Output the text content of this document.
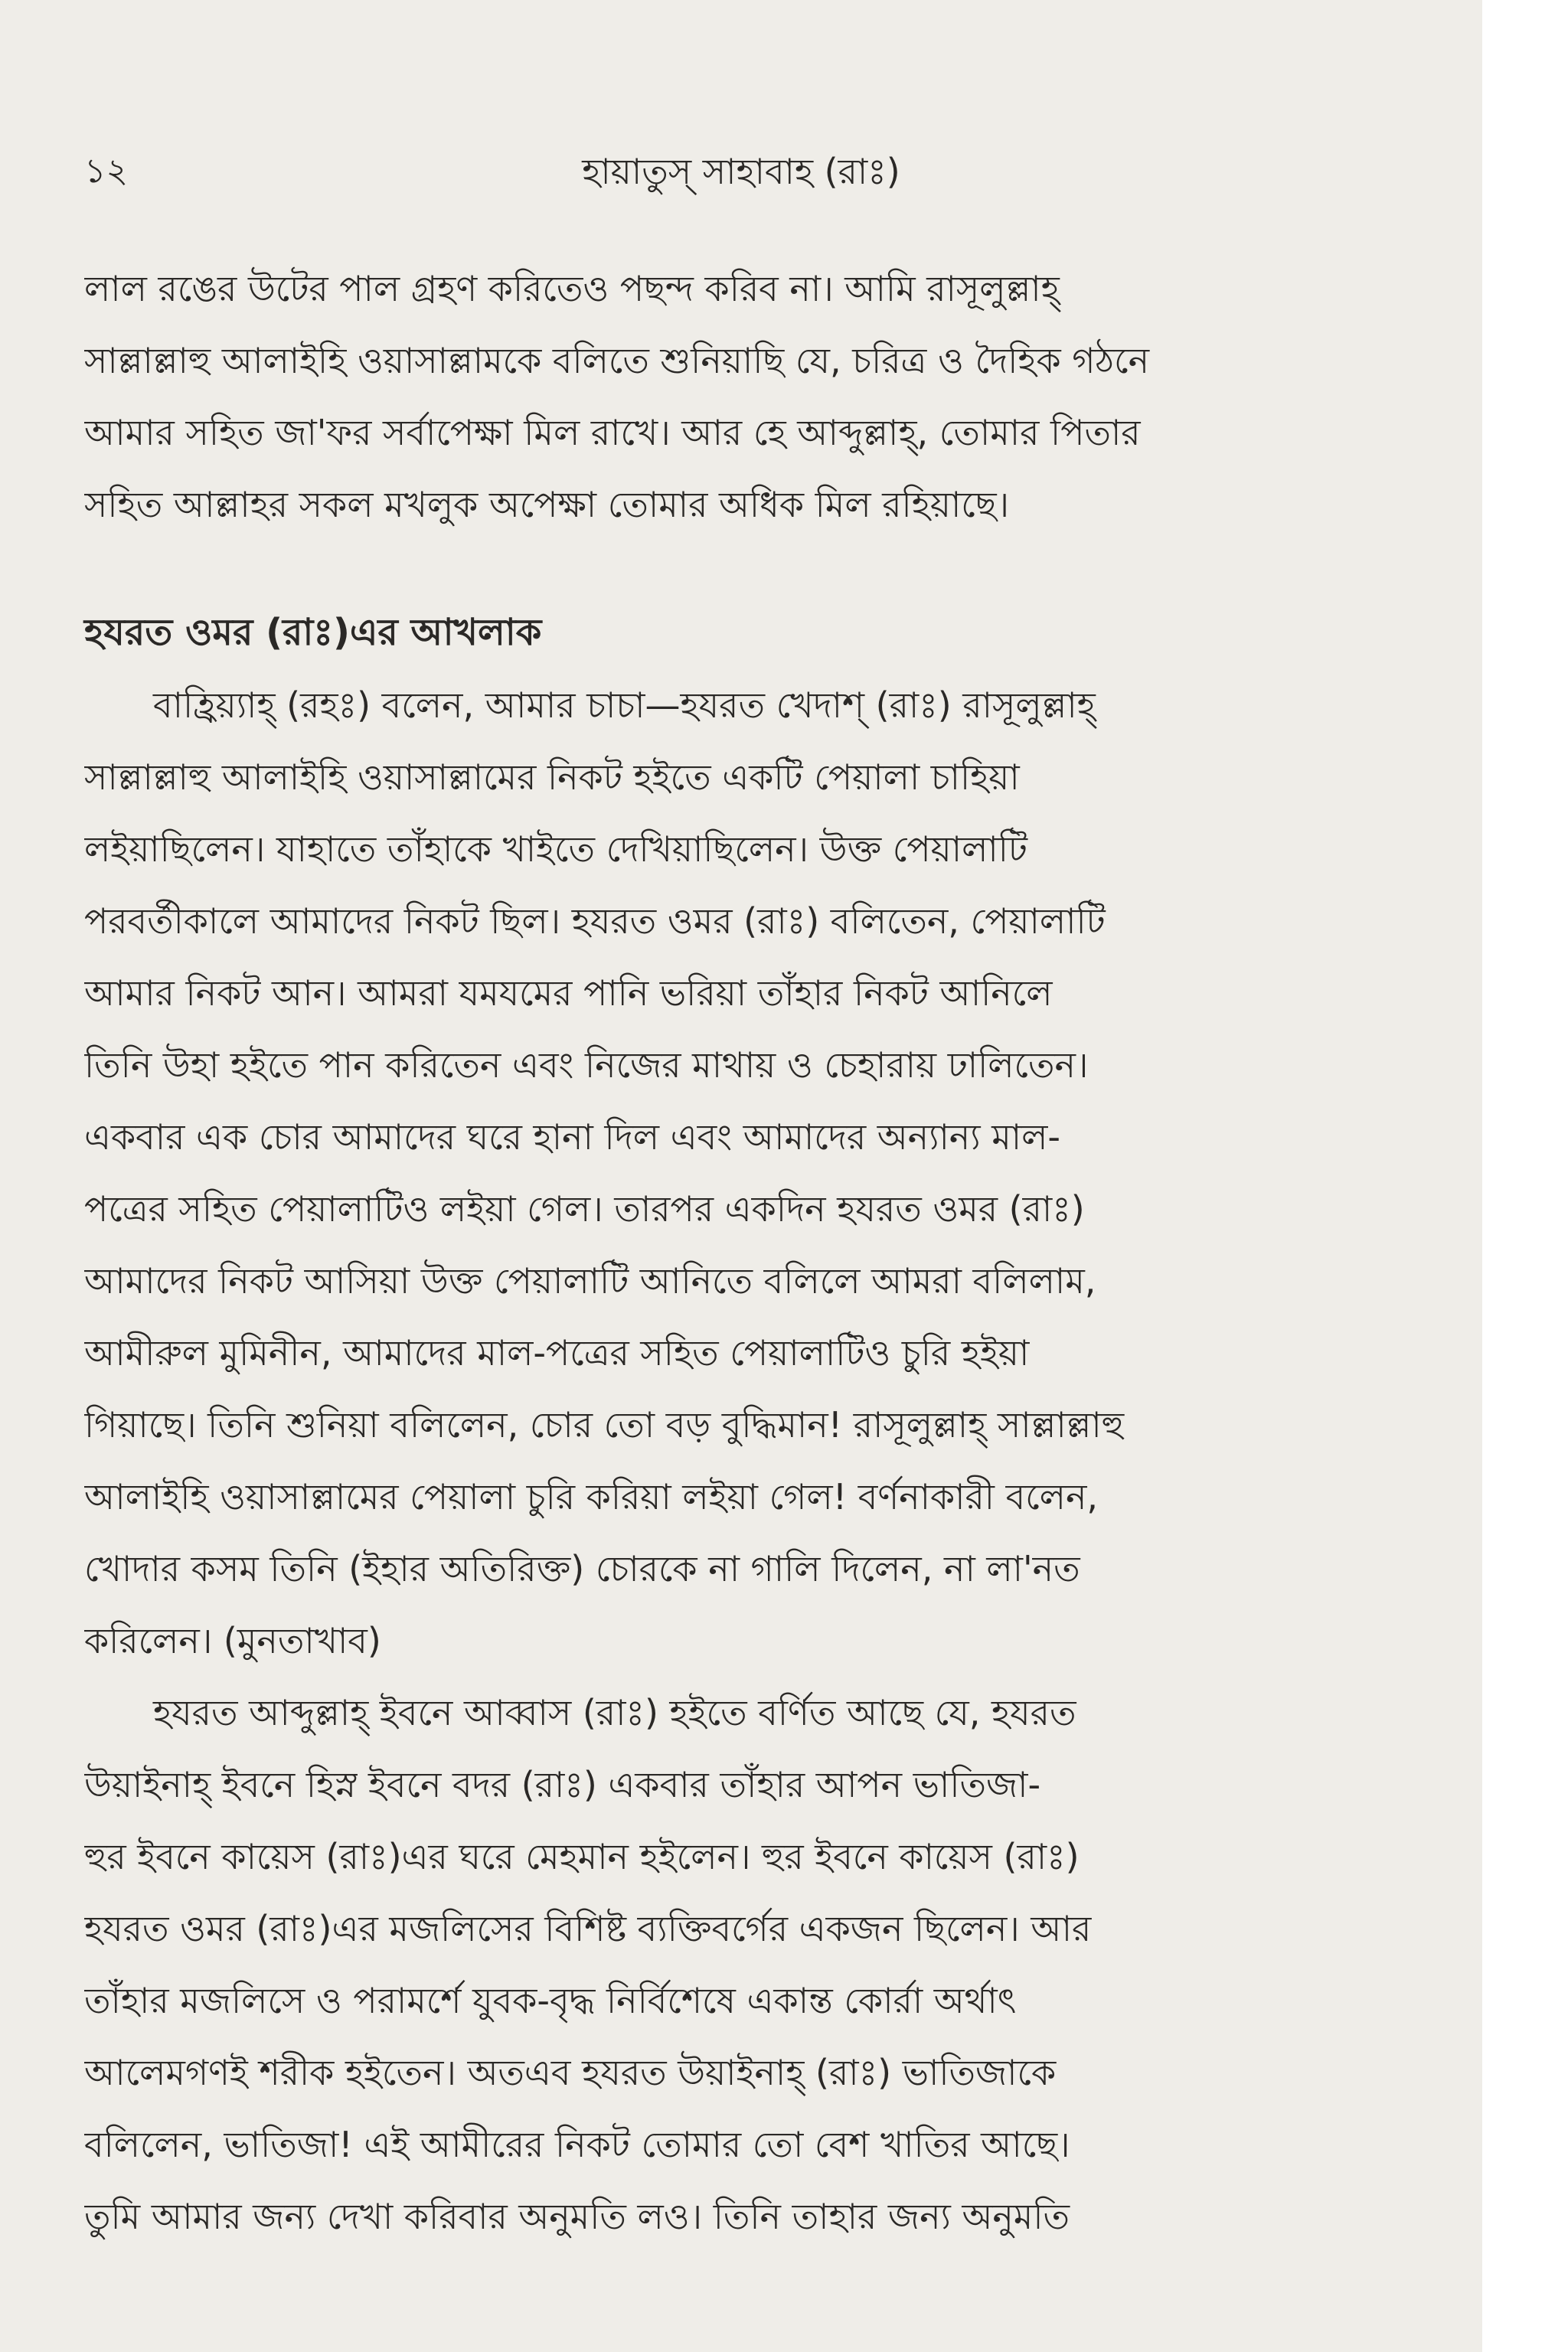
১২	হায়াতুস্ সাহাবাহ (রাঃ)
লাল রঙের উটের পাল গ্রহণ করিতেও পছন্দ করিব না। আমি রাসূলুল্লাহ্
সাল্লাল্লাহু আলাইহি ওয়াসাল্লামকে বলিতে শুনিয়াছি যে, চরিত্র ও দৈহিক গঠনে
আমার সহিত জা'ফর সর্বাপেক্ষা মিল রাখে। আর হে আব্দুল্লাহ্, তোমার পিতার
সহিত আল্লাহর সকল মখলুক অপেক্ষা তোমার অধিক মিল রহিয়াছে।
হযরত ওমর (রাঃ)এর আখলাক
বাহ্রিয়্যাহ্ (রহঃ) বলেন, আমার চাচা—হযরত খেদাশ্ (রাঃ) রাসূলুল্লাহ্
সাল্লাল্লাহু আলাইহি ওয়াসাল্লামের নিকট হইতে একটি পেয়ালা চাহিয়া
লইয়াছিলেন। যাহাতে তাঁহাকে খাইতে দেখিয়াছিলেন। উক্ত পেয়ালাটি
পরবর্তীকালে আমাদের নিকট ছিল। হযরত ওমর (রাঃ) বলিতেন, পেয়ালাটি
আমার নিকট আন। আমরা যমযমের পানি ভরিয়া তাঁহার নিকট আনিলে
তিনি উহা হইতে পান করিতেন এবং নিজের মাথায় ও চেহারায় ঢালিতেন।
একবার এক চোর আমাদের ঘরে হানা দিল এবং আমাদের অন্যান্য মাল-
পত্রের সহিত পেয়ালাটিও লইয়া গেল। তারপর একদিন হযরত ওমর (রাঃ)
আমাদের নিকট আসিয়া উক্ত পেয়ালাটি আনিতে বলিলে আমরা বলিলাম,
আমীরুল মুমিনীন, আমাদের মাল-পত্রের সহিত পেয়ালাটিও চুরি হইয়া
গিয়াছে। তিনি শুনিয়া বলিলেন, চোর তো বড় বুদ্ধিমান! রাসূলুল্লাহ্ সাল্লাল্লাহু
আলাইহি ওয়াসাল্লামের পেয়ালা চুরি করিয়া লইয়া গেল! বর্ণনাকারী বলেন,
খোদার কসম তিনি (ইহার অতিরিক্ত) চোরকে না গালি দিলেন, না লা'নত
করিলেন। (মুনতাখাব)
হযরত আব্দুল্লাহ্ ইবনে আব্বাস (রাঃ) হইতে বর্ণিত আছে যে, হযরত
উয়াইনাহ্ ইবনে হিস্ন ইবনে বদর (রাঃ) একবার তাঁহার আপন ভাতিজা-
হুর ইবনে কায়েস (রাঃ)এর ঘরে মেহমান হইলেন। হুর ইবনে কায়েস (রাঃ)
হযরত ওমর (রাঃ)এর মজলিসের বিশিষ্ট ব্যক্তিবর্গের একজন ছিলেন। আর
তাঁহার মজলিসে ও পরামর্শে যুবক-বৃদ্ধ নির্বিশেষে একান্ত কোর্রা অর্থাৎ
আলেমগণই শরীক হইতেন। অতএব হযরত উয়াইনাহ্ (রাঃ) ভাতিজাকে
বলিলেন, ভাতিজা! এই আমীরের নিকট তোমার তো বেশ খাতির আছে।
তুমি আমার জন্য দেখা করিবার অনুমতি লও। তিনি তাহার জন্য অনুমতি
